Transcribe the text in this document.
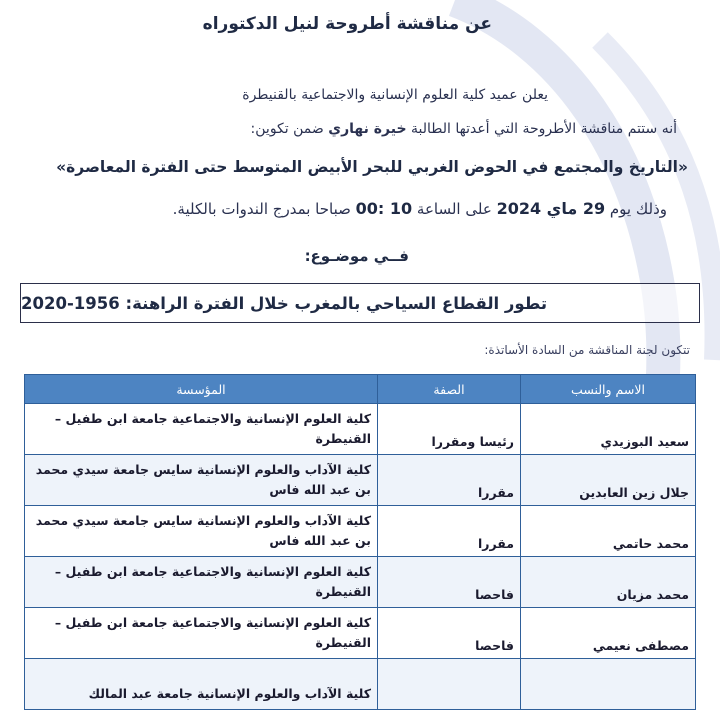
عن مناقشة أطروحة لنيل الدكتوراه
يعلن عميد كلية العلوم الإنسانية والاجتماعية بالقنيطرة
أنه ستتم مناقشة الأطروحة التي أعدتها الطالبة خيرة نهاري ضمن تكوين:
«التاريخ والمجتمع في الحوض الغربي للبحر الأبيض المتوسط حتى الفترة المعاصرة»
وذلك يوم 29 ماي 2024 على الساعة 10 :00 صباحا بمدرج الندوات بالكلية.
فــي موضـوع:
تطور القطاع السياحي بالمغرب خلال الفترة الراهنة: 1956-2020
تتكون لجنة المناقشة من السادة الأساتذة:
الاسم والنسب	الصفة	المؤسسة
سعيد البوزيدي	رئيسا ومقررا	كلية العلوم الإنسانية والاجتماعية جامعة ابن طفيل – القنيطرة
جلال زين العابدين	مقررا	كلية الآداب والعلوم الإنسانية سايس جامعة سيدي محمد بن عبد الله فاس
محمد حاتمي	مقررا	كلية الآداب والعلوم الإنسانية سايس جامعة سيدي محمد بن عبد الله فاس
محمد مزيان	فاحصا	كلية العلوم الإنسانية والاجتماعية جامعة ابن طفيل – القنيطرة
مصطفى نعيمي	فاحصا	كلية العلوم الإنسانية والاجتماعية جامعة ابن طفيل – القنيطرة
		كلية الآداب والعلوم الإنسانية جامعة عبد المالك
